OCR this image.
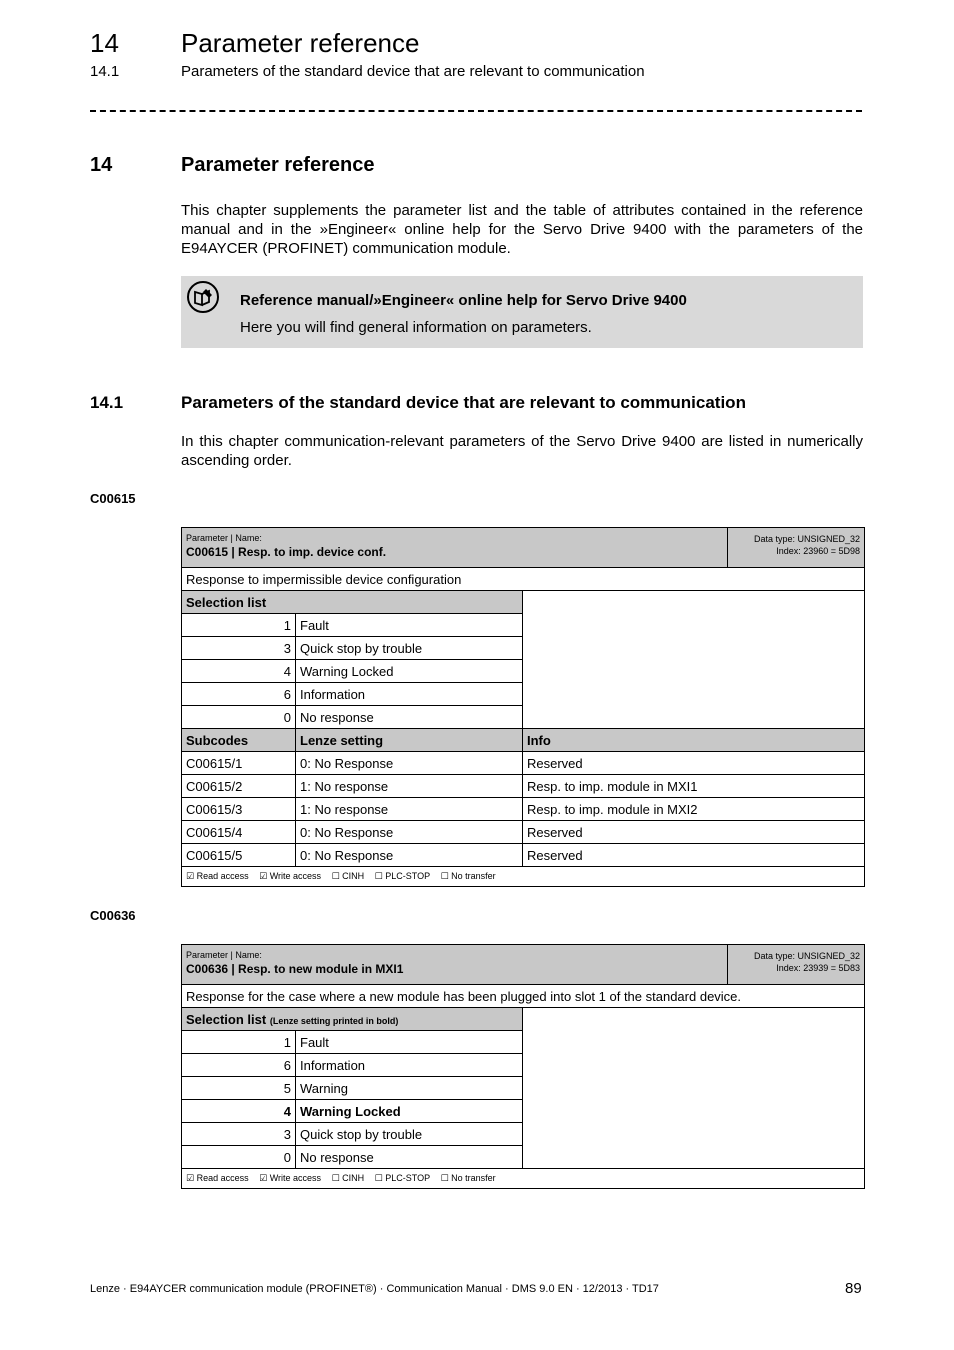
14 Parameter reference
14.1	Parameters of the standard device that are relevant to communication
14	Parameter reference
This chapter supplements the parameter list and the table of attributes contained in the reference manual and in the »Engineer« online help for the Servo Drive 9400 with the parameters of the E94AYCER (PROFINET) communication module.
Reference manual/»Engineer« online help for Servo Drive 9400
Here you will find general information on parameters.
14.1	Parameters of the standard device that are relevant to communication
In this chapter communication-relevant parameters of the Servo Drive 9400 are listed in numerically ascending order.
C00615
Parameter | Name:
C00615 | Resp. to imp. device conf.			Data type: UNSIGNED_32
Index: 23960 = 5D98
Response to impermissible device configuration			
Selection list			
1	Fault		
3	Quick stop by trouble		
4	Warning Locked		
6	Information		
0	No response		
Subcodes	Lenze setting	Info	
C00615/1	0: No Response	Reserved	
C00615/2	1: No response	Resp. to imp. module in MXI1	
C00615/3	1: No response	Resp. to imp. module in MXI2	
C00615/4	0: No Response	Reserved	
C00615/5	0: No Response	Reserved	
☑ Read access ☑ Write access ☐ CINH ☐ PLC-STOP ☐ No transfer			
C00636
Parameter | Name:
C00636 | Resp. to new module in MXI1			Data type: UNSIGNED_32
Index: 23939 = 5D83
Response for the case where a new module has been plugged into slot 1 of the standard device.			
Selection list (Lenze setting printed in bold)			
1	Fault		
6	Information		
5	Warning		
4	Warning Locked		
3	Quick stop by trouble		
0	No response		
☑ Read access ☑ Write access ☐ CINH ☐ PLC-STOP ☐ No transfer			
Lenze · E94AYCER communication module (PROFINET®) · Communication Manual · DMS 9.0 EN · 12/2013 · TD17	89
